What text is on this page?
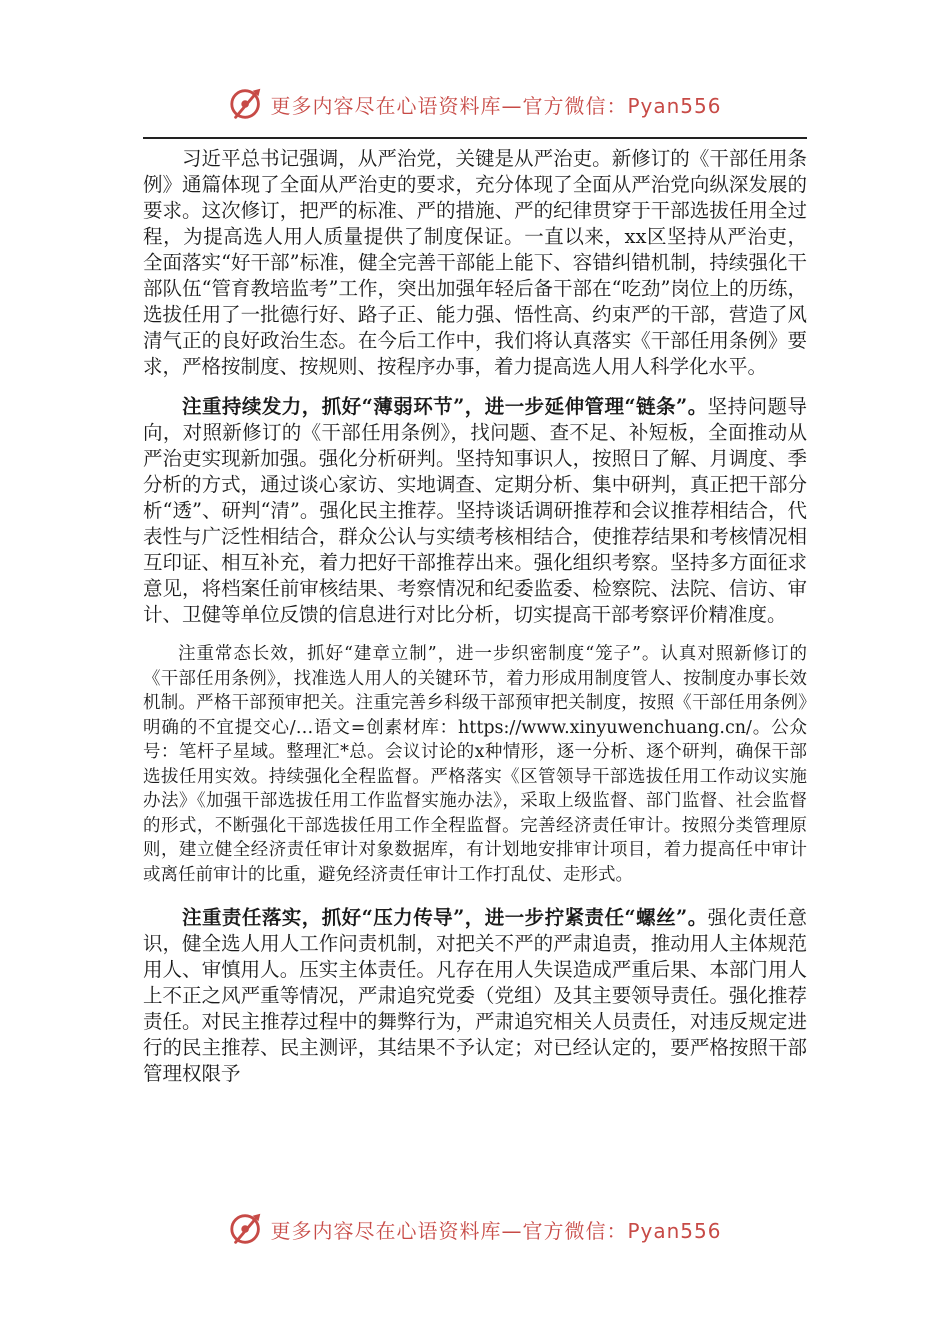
更多内容尽在心语资料库—官方微信：Pyan556

习近平总书记强调，从严治党，关键是从严治吏。新修订的《干部任用条例》通篇体现了全面从严治吏的要求，充分体现了全面从严治党向纵深发展的要求。这次修订，把严的标准、严的措施、严的纪律贯穿于干部选拔任用全过程，为提高选人用人质量提供了制度保证。一直以来，xx区坚持从严治吏，全面落实“好干部”标准，健全完善干部能上能下、容错纠错机制，持续强化干部队伍“管育教培监考”工作，突出加强年轻后备干部在“吃劲”岗位上的历练，选拔任用了一批德行好、路子正、能力强、悟性高、约束严的干部，营造了风清气正的良好政治生态。在今后工作中，我们将认真落实《干部任用条例》要求，严格按制度、按规则、按程序办事，着力提高选人用人科学化水平。

注重持续发力，抓好“薄弱环节”，进一步延伸管理“链条”。坚持问题导向，对照新修订的《干部任用条例》，找问题、查不足、补短板，全面推动从严治吏实现新加强。强化分析研判。坚持知事识人，按照日了解、月调度、季分析的方式，通过谈心家访、实地调查、定期分析、集中研判，真正把干部分析“透”、研判“清”。强化民主推荐。坚持谈话调研推荐和会议推荐相结合，代表性与广泛性相结合，群众公认与实绩考核相结合，使推荐结果和考核情况相互印证、相互补充，着力把好干部推荐出来。强化组织考察。坚持多方面征求意见，将档案任前审核结果、考察情况和纪委监委、检察院、法院、信访、审计、卫健等单位反馈的信息进行对比分析，切实提高干部考察评价精准度。

注重常态长效，抓好“建章立制”，进一步织密制度“笼子”。认真对照新修订的《干部任用条例》，找准选人用人的关键环节，着力形成用制度管人、按制度办事长效机制。严格干部预审把关。注重完善乡科级干部预审把关制度，按照《干部任用条例》明确的不宜提交心/…语文=创素材库：https://www.xinyuwenchuang.cn/。公众号：笔杆子星域。整理汇*总。会议讨论的x种情形，逐一分析、逐个研判，确保干部选拔任用实效。持续强化全程监督。严格落实《区管领导干部选拔任用工作动议实施办法》《加强干部选拔任用工作监督实施办法》，采取上级监督、部门监督、社会监督的形式，不断强化干部选拔任用工作全程监督。完善经济责任审计。按照分类管理原则，建立健全经济责任审计对象数据库，有计划地安排审计项目，着力提高任中审计或离任前审计的比重，避免经济责任审计工作打乱仗、走形式。

注重责任落实，抓好“压力传导”，进一步拧紧责任“螺丝”。强化责任意识，健全选人用人工作问责机制，对把关不严的严肃追责，推动用人主体规范用人、审慎用人。压实主体责任。凡存在用人失误造成严重后果、本部门用人上不正之风严重等情况，严肃追究党委（党组）及其主要领导责任。强化推荐责任。对民主推荐过程中的舞弊行为，严肃追究相关人员责任，对违反规定进行的民主推荐、民主测评，其结果不予认定；对已经认定的，要严格按照干部管理权限予

更多内容尽在心语资料库—官方微信：Pyan556
